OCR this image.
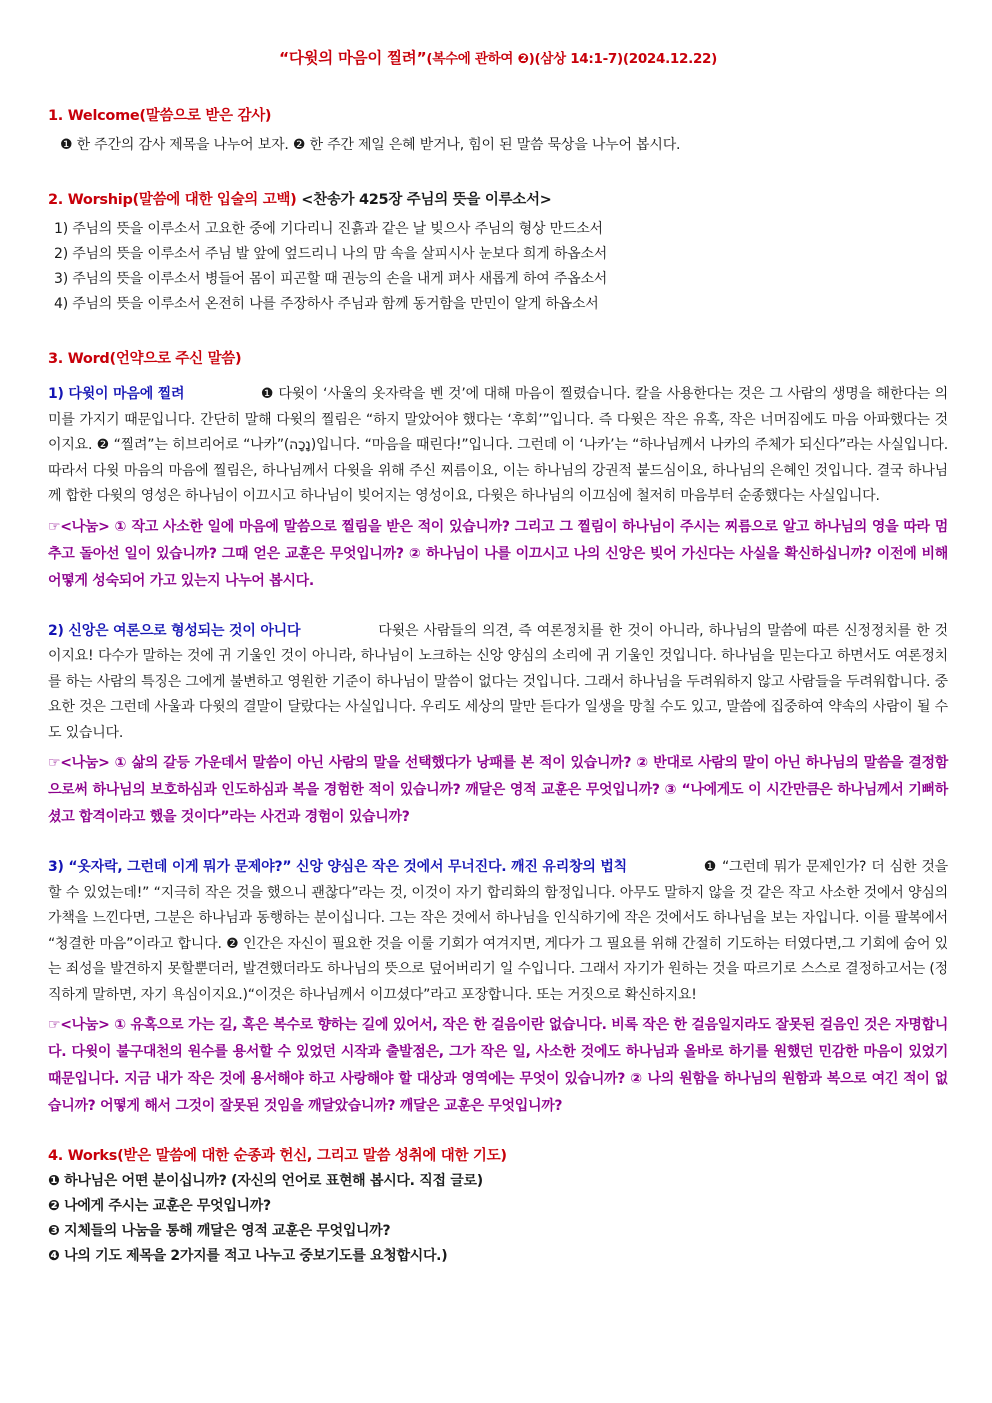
“다윗의 마음이 찔려”(복수에 관하여 ❷)(삼상 14:1-7)(2024.12.22)
1. Welcome(말씀으로 받은 감사)
❶ 한 주간의 감사 제목을 나누어 보자. ❷ 한 주간 제일 은혜 받거나, 힘이 된 말씀 묵상을 나누어 봅시다.
2. Worship(말씀에 대한 입술의 고백) <찬송가 425장 주님의 뜻을 이루소서>
1) 주님의 뜻을 이루소서 고요한 중에 기다리니 진흙과 같은 날 빚으사 주님의 형상 만드소서
2) 주님의 뜻을 이루소서 주님 발 앞에 엎드리니 나의 맘 속을 살피시사 눈보다 희게 하옵소서
3) 주님의 뜻을 이루소서 병들어 몸이 피곤할 때 권능의 손을 내게 펴사 새롭게 하여 주옵소서
4) 주님의 뜻을 이루소서 온전히 나를 주장하사 주님과 함께 동거함을 만민이 알게 하옵소서
3. Word(언약으로 주신 말씀)
1) 다윗이 마음에 찔려	❶ 다윗이 ‘사울의 옷자락을 벤 것’에 대해 마음이 찔렸습니다. 칼을 사용한다는 것은 그 사람의 생명을 해한다는 의미를 가지기 때문입니다. 간단히 말해 다윗의 찔림은 “하지 말았어야 했다는 ‘후회’”입니다. 즉 다윗은 작은 유혹, 작은 너머짐에도 마음 아파했다는 것이지요. ❷ “찔려”는 히브리어로 “나카”(נָכָה)입니다. “마음을 때린다!”입니다. 그런데 이 ‘나카’는 “하나님께서 나카의 주체가 되신다”라는 사실입니다. 따라서 다윗 마음의 마음에 찔림은, 하나님께서 다윗을 위해 주신 찌름이요, 이는 하나님의 강권적 붙드심이요, 하나님의 은혜인 것입니다. 결국 하나님께 합한 다윗의 영성은 하나님이 이끄시고 하나님이 빚어지는 영성이요, 다윗은 하나님의 이끄심에 철저히 마음부터 순종했다는 사실입니다.
☞<나눔> ① 작고 사소한 일에 마음에 말씀으로 찔림을 받은 적이 있습니까? 그리고 그 찔림이 하나님이 주시는 찌름으로 알고 하나님의 영을 따라 멈추고 돌아선 일이 있습니까? 그때 얻은 교훈은 무엇입니까? ② 하나님이 나를 이끄시고 나의 신앙은 빚어 가신다는 사실을 확신하십니까? 이전에 비해 어떻게 성숙되어 가고 있는지 나누어 봅시다.
2) 신앙은 여론으로 형성되는 것이 아니다	다윗은 사람들의 의견, 즉 여론정치를 한 것이 아니라, 하나님의 말씀에 따른 신정정치를 한 것이지요! 다수가 말하는 것에 귀 기울인 것이 아니라, 하나님이 노크하는 신앙 양심의 소리에 귀 기울인 것입니다. 하나님을 믿는다고 하면서도 여론정치를 하는 사람의 특징은 그에게 불변하고 영원한 기준이 하나님이 말씀이 없다는 것입니다. 그래서 하나님을 두려워하지 않고 사람들을 두려워합니다. 중요한 것은 그런데 사울과 다윗의 결말이 달랐다는 사실입니다. 우리도 세상의 말만 듣다가 일생을 망칠 수도 있고, 말씀에 집중하여 약속의 사람이 될 수도 있습니다.
☞<나눔> ① 삶의 갈등 가운데서 말씀이 아닌 사람의 말을 선택했다가 낭패를 본 적이 있습니까? ② 반대로 사람의 말이 아닌 하나님의 말씀을 결정함으로써 하나님의 보호하심과 인도하심과 복을 경험한 적이 있습니까? 깨달은 영적 교훈은 무엇입니까? ③ “나에게도 이 시간만큼은 하나님께서 기뻐하셨고 합격이라고 했을 것이다”라는 사건과 경험이 있습니까?
3) “옷자락, 그런데 이게 뭐가 문제야?” 신앙 양심은 작은 것에서 무너진다. 깨진 유리창의 법칙	❶ “그런데 뭐가 문제인가? 더 심한 것을 할 수 있었는데!” “지극히 작은 것을 했으니 괜찮다”라는 것, 이것이 자기 합리화의 함정입니다. 아무도 말하지 않을 것 같은 작고 사소한 것에서 양심의 가책을 느낀다면, 그분은 하나님과 동행하는 분이십니다. 그는 작은 것에서 하나님을 인식하기에 작은 것에서도 하나님을 보는 자입니다. 이를 팔복에서 “청결한 마음”이라고 합니다. ❷ 인간은 자신이 필요한 것을 이룰 기회가 여겨지면, 게다가 그 필요를 위해 간절히 기도하는 터였다면,그 기회에 숨어 있는 죄성을 발견하지 못할뿐더러, 발견했더라도 하나님의 뜻으로 덮어버리기 일 수입니다. 그래서 자기가 원하는 것을 따르기로 스스로 결정하고서는 (정직하게 말하면, 자기 욕심이지요.)“이것은 하나님께서 이끄셨다”라고 포장합니다. 또는 거짓으로 확신하지요!
☞<나눔> ① 유혹으로 가는 길, 혹은 복수로 향하는 길에 있어서, 작은 한 걸음이란 없습니다. 비록 작은 한 걸음일지라도 잘못된 걸음인 것은 자명합니다. 다윗이 불구대천의 원수를 용서할 수 있었던 시작과 출발점은, 그가 작은 일, 사소한 것에도 하나님과 올바로 하기를 원했던 민감한 마음이 있었기 때문입니다. 지금 내가 작은 것에 용서해야 하고 사랑해야 할 대상과 영역에는 무엇이 있습니까? ② 나의 원함을 하나님의 원함과 복으로 여긴 적이 없습니까? 어떻게 해서 그것이 잘못된 것임을 깨달았습니까? 깨달은 교훈은 무엇입니까?
4. Works(받은 말씀에 대한 순종과 헌신, 그리고 말씀 성취에 대한 기도)
❶ 하나님은 어떤 분이십니까? (자신의 언어로 표현해 봅시다. 직접 글로)
❷ 나에게 주시는 교훈은 무엇입니까?
❸ 지체들의 나눔을 통해 깨달은 영적 교훈은 무엇입니까?
❹ 나의 기도 제목을 2가지를 적고 나누고 중보기도를 요청합시다.)
